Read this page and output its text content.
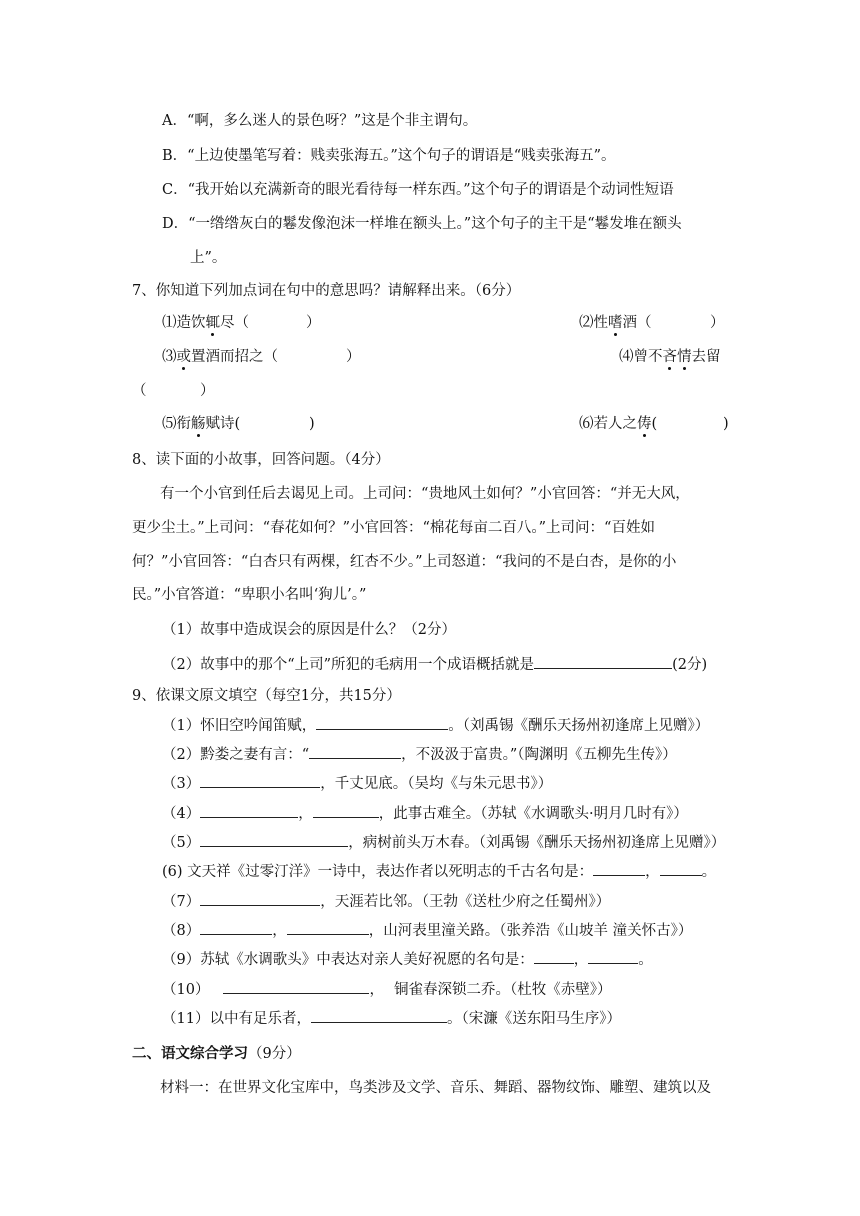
A．“啊，多么迷人的景色呀？”这是个非主谓句。
B．“上边使墨笔写着：贱卖张海五。”这个句子的谓语是“贱卖张海五”。
C．“我开始以充满新奇的眼光看待每一样东西。”这个句子的谓语是个动词性短语
D．“一绺绺灰白的鬈发像泡沫一样堆在额头上。”这个句子的主干是“鬈发堆在额头
上”。
7、你知道下列加点词在句中的意思吗？请解释出来。（6分）
⑴造饮辄尽（	）	⑵性嗜酒（	）
⑶或置酒而招之（	）	⑷曾不吝情去留
（	）
⑸衔觞赋诗(	)	⑹若人之俦(	)
8、读下面的小故事，回答问题。（4分）
有一个小官到任后去谒见上司。上司问：“贵地风土如何？”小官回答：“并无大风，
更少尘土。”上司问：“春花如何？”小官回答：“棉花每亩二百八。”上司问：“百姓如
何？”小官回答：“白杏只有两棵，红杏不少。”上司怒道：“我问的不是白杏，是你的小
民。”小官答道：“卑职小名叫‘狗儿’。”
（1）故事中造成误会的原因是什么？（2分）
（2）故事中的那个“上司”所犯的毛病用一个成语概括就是	(2分)
9、依课文原文填空（每空1分，共15分）
（1）怀旧空吟闻笛赋，	。（刘禹锡《酬乐天扬州初逢席上见赠》）
（2）黔娄之妻有言：“	，不汲汲于富贵。”（陶渊明《五柳先生传》）
（3）	，千丈见底。（吴均《与朱元思书》）
（4）	，	，此事古难全。（苏轼《水调歌头·明月几时有》）
（5）	，病树前头万木春。（刘禹锡《酬乐天扬州初逢席上见赠》）
(6) 文天祥《过零汀洋》一诗中，表达作者以死明志的千古名句是：	，	。
（7）	，天涯若比邻。（王勃《送杜少府之任蜀州》）
（8）	，	，山河表里潼关路。（张养浩《山坡羊 潼关怀古》）
（9）苏轼《水调歌头》中表达对亲人美好祝愿的名句是：	，	。
（10）	， 铜雀春深锁二乔。（杜牧《赤壁》）
（11）以中有足乐者，	。（宋濂《送东阳马生序》）
二、语文综合学习（9分）
材料一：在世界文化宝库中，鸟类涉及文学、音乐、舞蹈、器物纹饰、雕塑、建筑以及
